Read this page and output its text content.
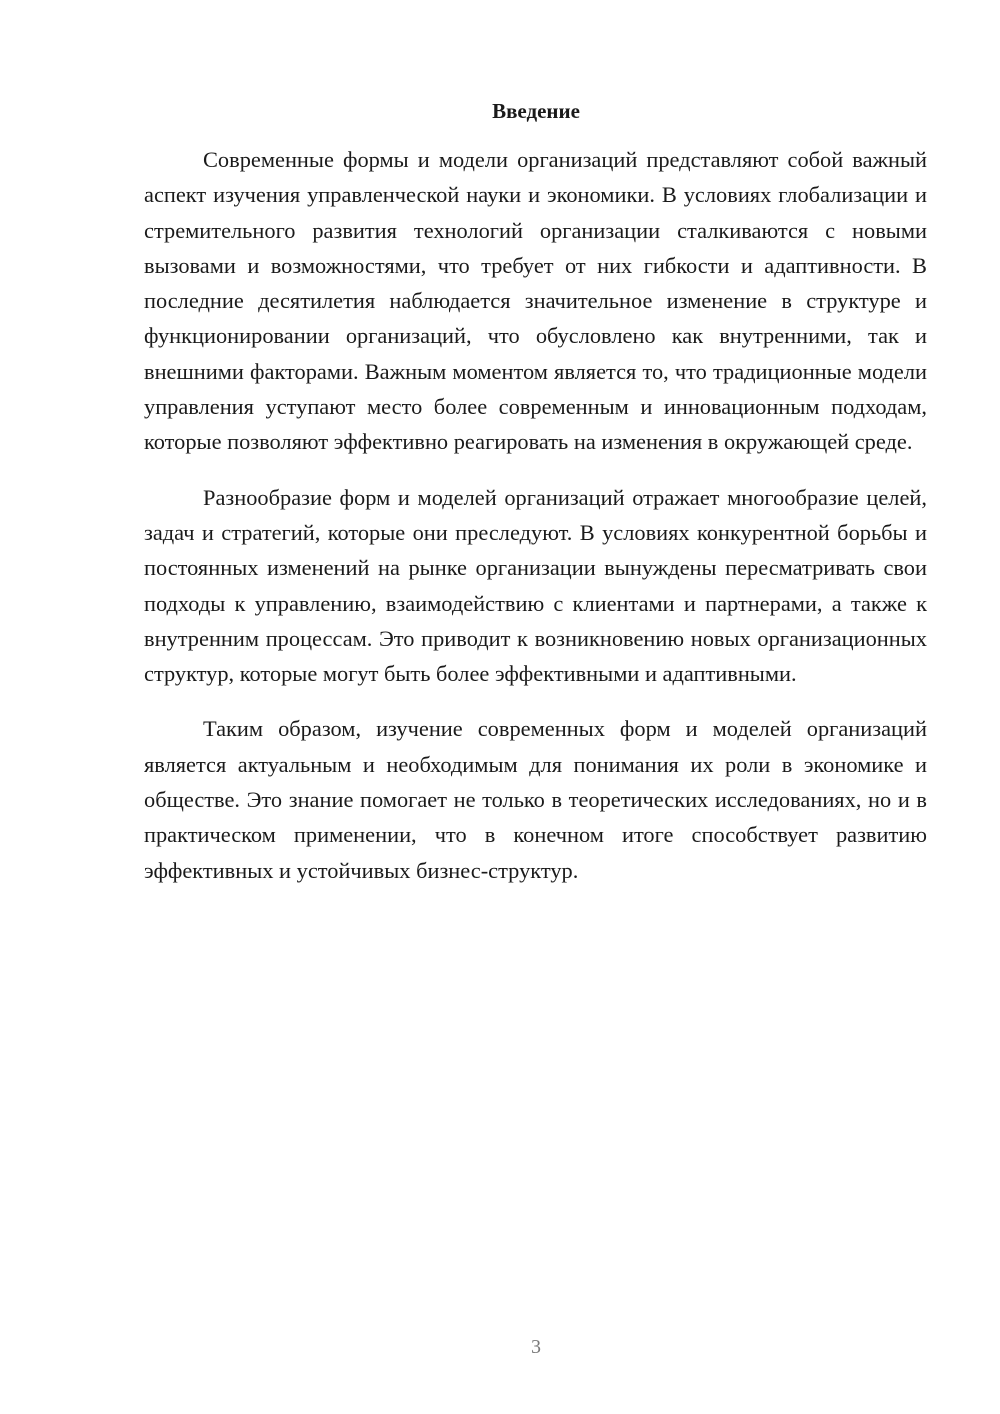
Введение

Современные формы и модели организаций представляют собой важный аспект изучения управленческой науки и экономики. В условиях глобализации и стремительного развития технологий организации сталкиваются с новыми вызовами и возможностями, что требует от них гибкости и адаптивности. В последние десятилетия наблюдается значительное изменение в структуре и функционировании организаций, что обусловлено как внутренними, так и внешними факторами. Важным моментом является то, что традиционные модели управления уступают место более современным и инновационным подходам, которые позволяют эффективно реагировать на изменения в окружающей среде.

Разнообразие форм и моделей организаций отражает многообразие целей, задач и стратегий, которые они преследуют. В условиях конкурентной борьбы и постоянных изменений на рынке организации вынуждены пересматривать свои подходы к управлению, взаимодействию с клиентами и партнерами, а также к внутренним процессам. Это приводит к возникновению новых организационных структур, которые могут быть более эффективными и адаптивными.

Таким образом, изучение современных форм и моделей организаций является актуальным и необходимым для понимания их роли в экономике и обществе. Это знание помогает не только в теоретических исследованиях, но и в практическом применении, что в конечном итоге способствует развитию эффективных и устойчивых бизнес-структур.

3
